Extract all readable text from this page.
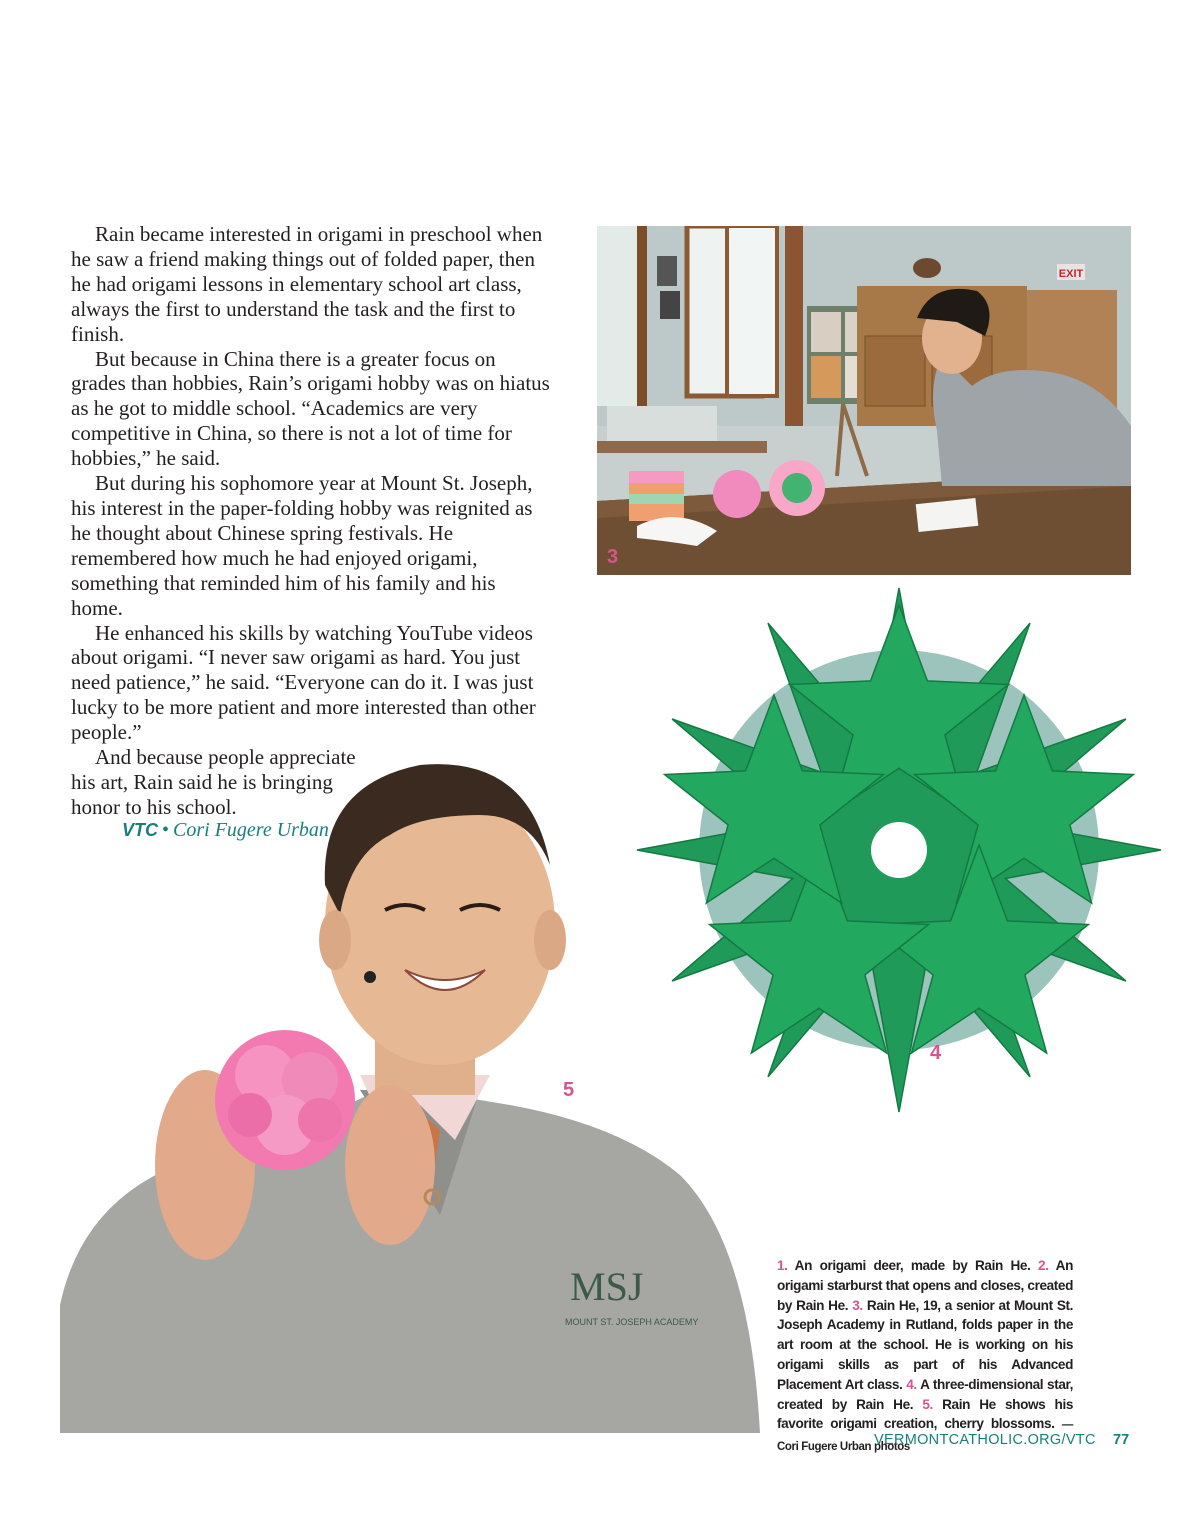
Rain became interested in origami in preschool when he saw a friend making things out of folded paper, then he had origami lessons in elementary school art class, always the first to understand the task and the first to finish.

But because in China there is a greater focus on grades than hobbies, Rain’s origami hobby was on hiatus as he got to middle school. “Academics are very competitive in China, so there is not a lot of time for hobbies,” he said.

But during his sophomore year at Mount St. Joseph, his interest in the paper-folding hobby was reignited as he thought about Chinese spring festivals. He remembered how much he had enjoyed origami, something that reminded him of his family and his home.

He enhanced his skills by watching YouTube videos about origami. “I never saw origami as hard. You just need patience,” he said. “Everyone can do it. I was just lucky to be more patient and more interested than other people.”

And because people appreciate his art, Rain said he is bringing honor to his school.

VTC • Cori Fugere Urban
EXIT
3
4
MSJ
MOUNT ST. JOSEPH ACADEMY
5
1. An origami deer, made by Rain He. 2. An origami starburst that opens and closes, created by Rain He. 3. Rain He, 19, a senior at Mount St. Joseph Academy in Rutland, folds paper in the art room at the school. He is working on his origami skills as part of his Advanced Placement Art class. 4. A three-dimensional star, created by Rain He. 5. Rain He shows his favorite origami creation, cherry blossoms. —Cori Fugere Urban photos
VERMONTCATHOLIC.ORG/VTC 77
